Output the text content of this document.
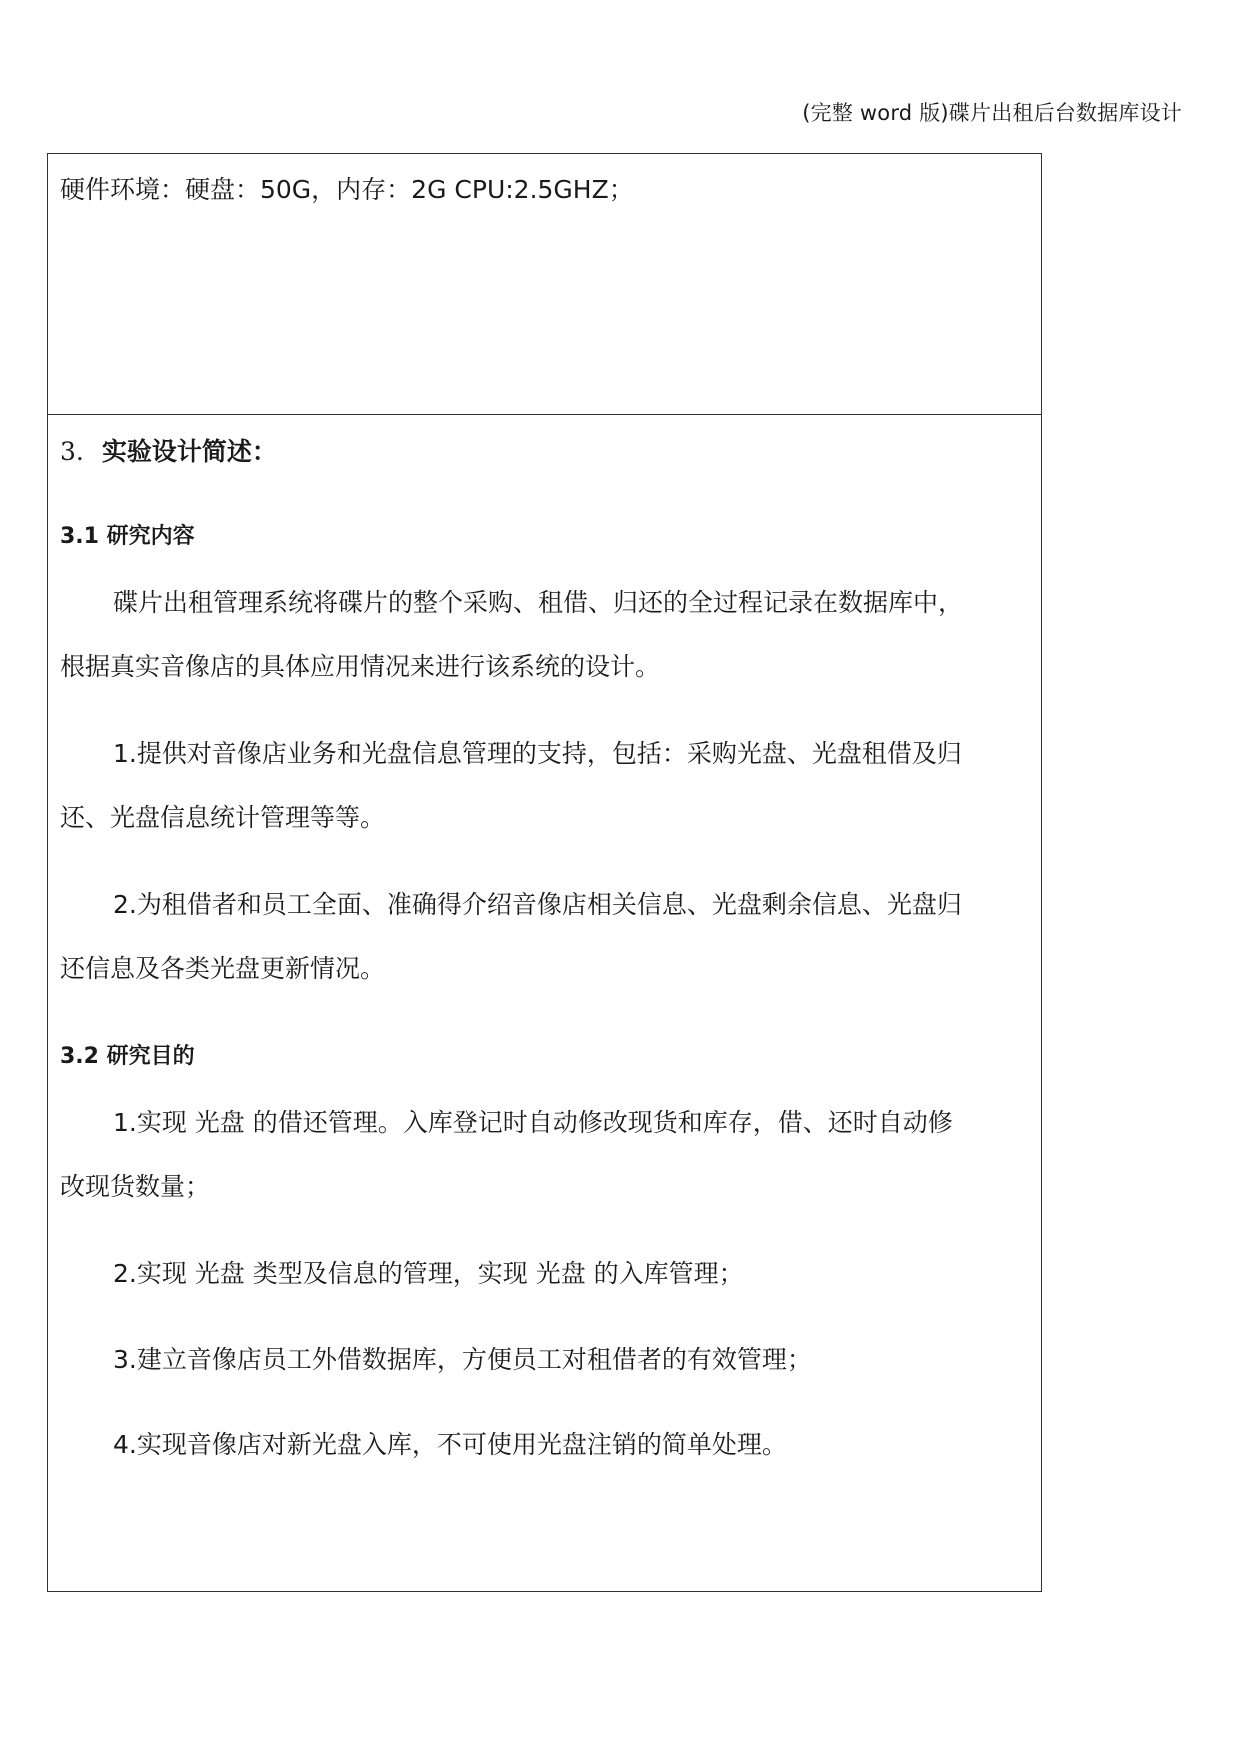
(完整 word 版)碟片出租后台数据库设计
硬件环境：硬盘：50G，内存：2G CPU:2.5GHZ；
3. 实验设计简述：
3.1 研究内容
碟片出租管理系统将碟片的整个采购、租借、归还的全过程记录在数据库中，
根据真实音像店的具体应用情况来进行该系统的设计。
1.提供对音像店业务和光盘信息管理的支持，包括：采购光盘、光盘租借及归
还、光盘信息统计管理等等。
2.为租借者和员工全面、准确得介绍音像店相关信息、光盘剩余信息、光盘归
还信息及各类光盘更新情况。
3.2 研究目的
1.实现 光盘 的借还管理。入库登记时自动修改现货和库存，借、还时自动修
改现货数量；
2.实现 光盘 类型及信息的管理，实现 光盘 的入库管理；
3.建立音像店员工外借数据库，方便员工对租借者的有效管理；
4.实现音像店对新光盘入库，不可使用光盘注销的简单处理。
